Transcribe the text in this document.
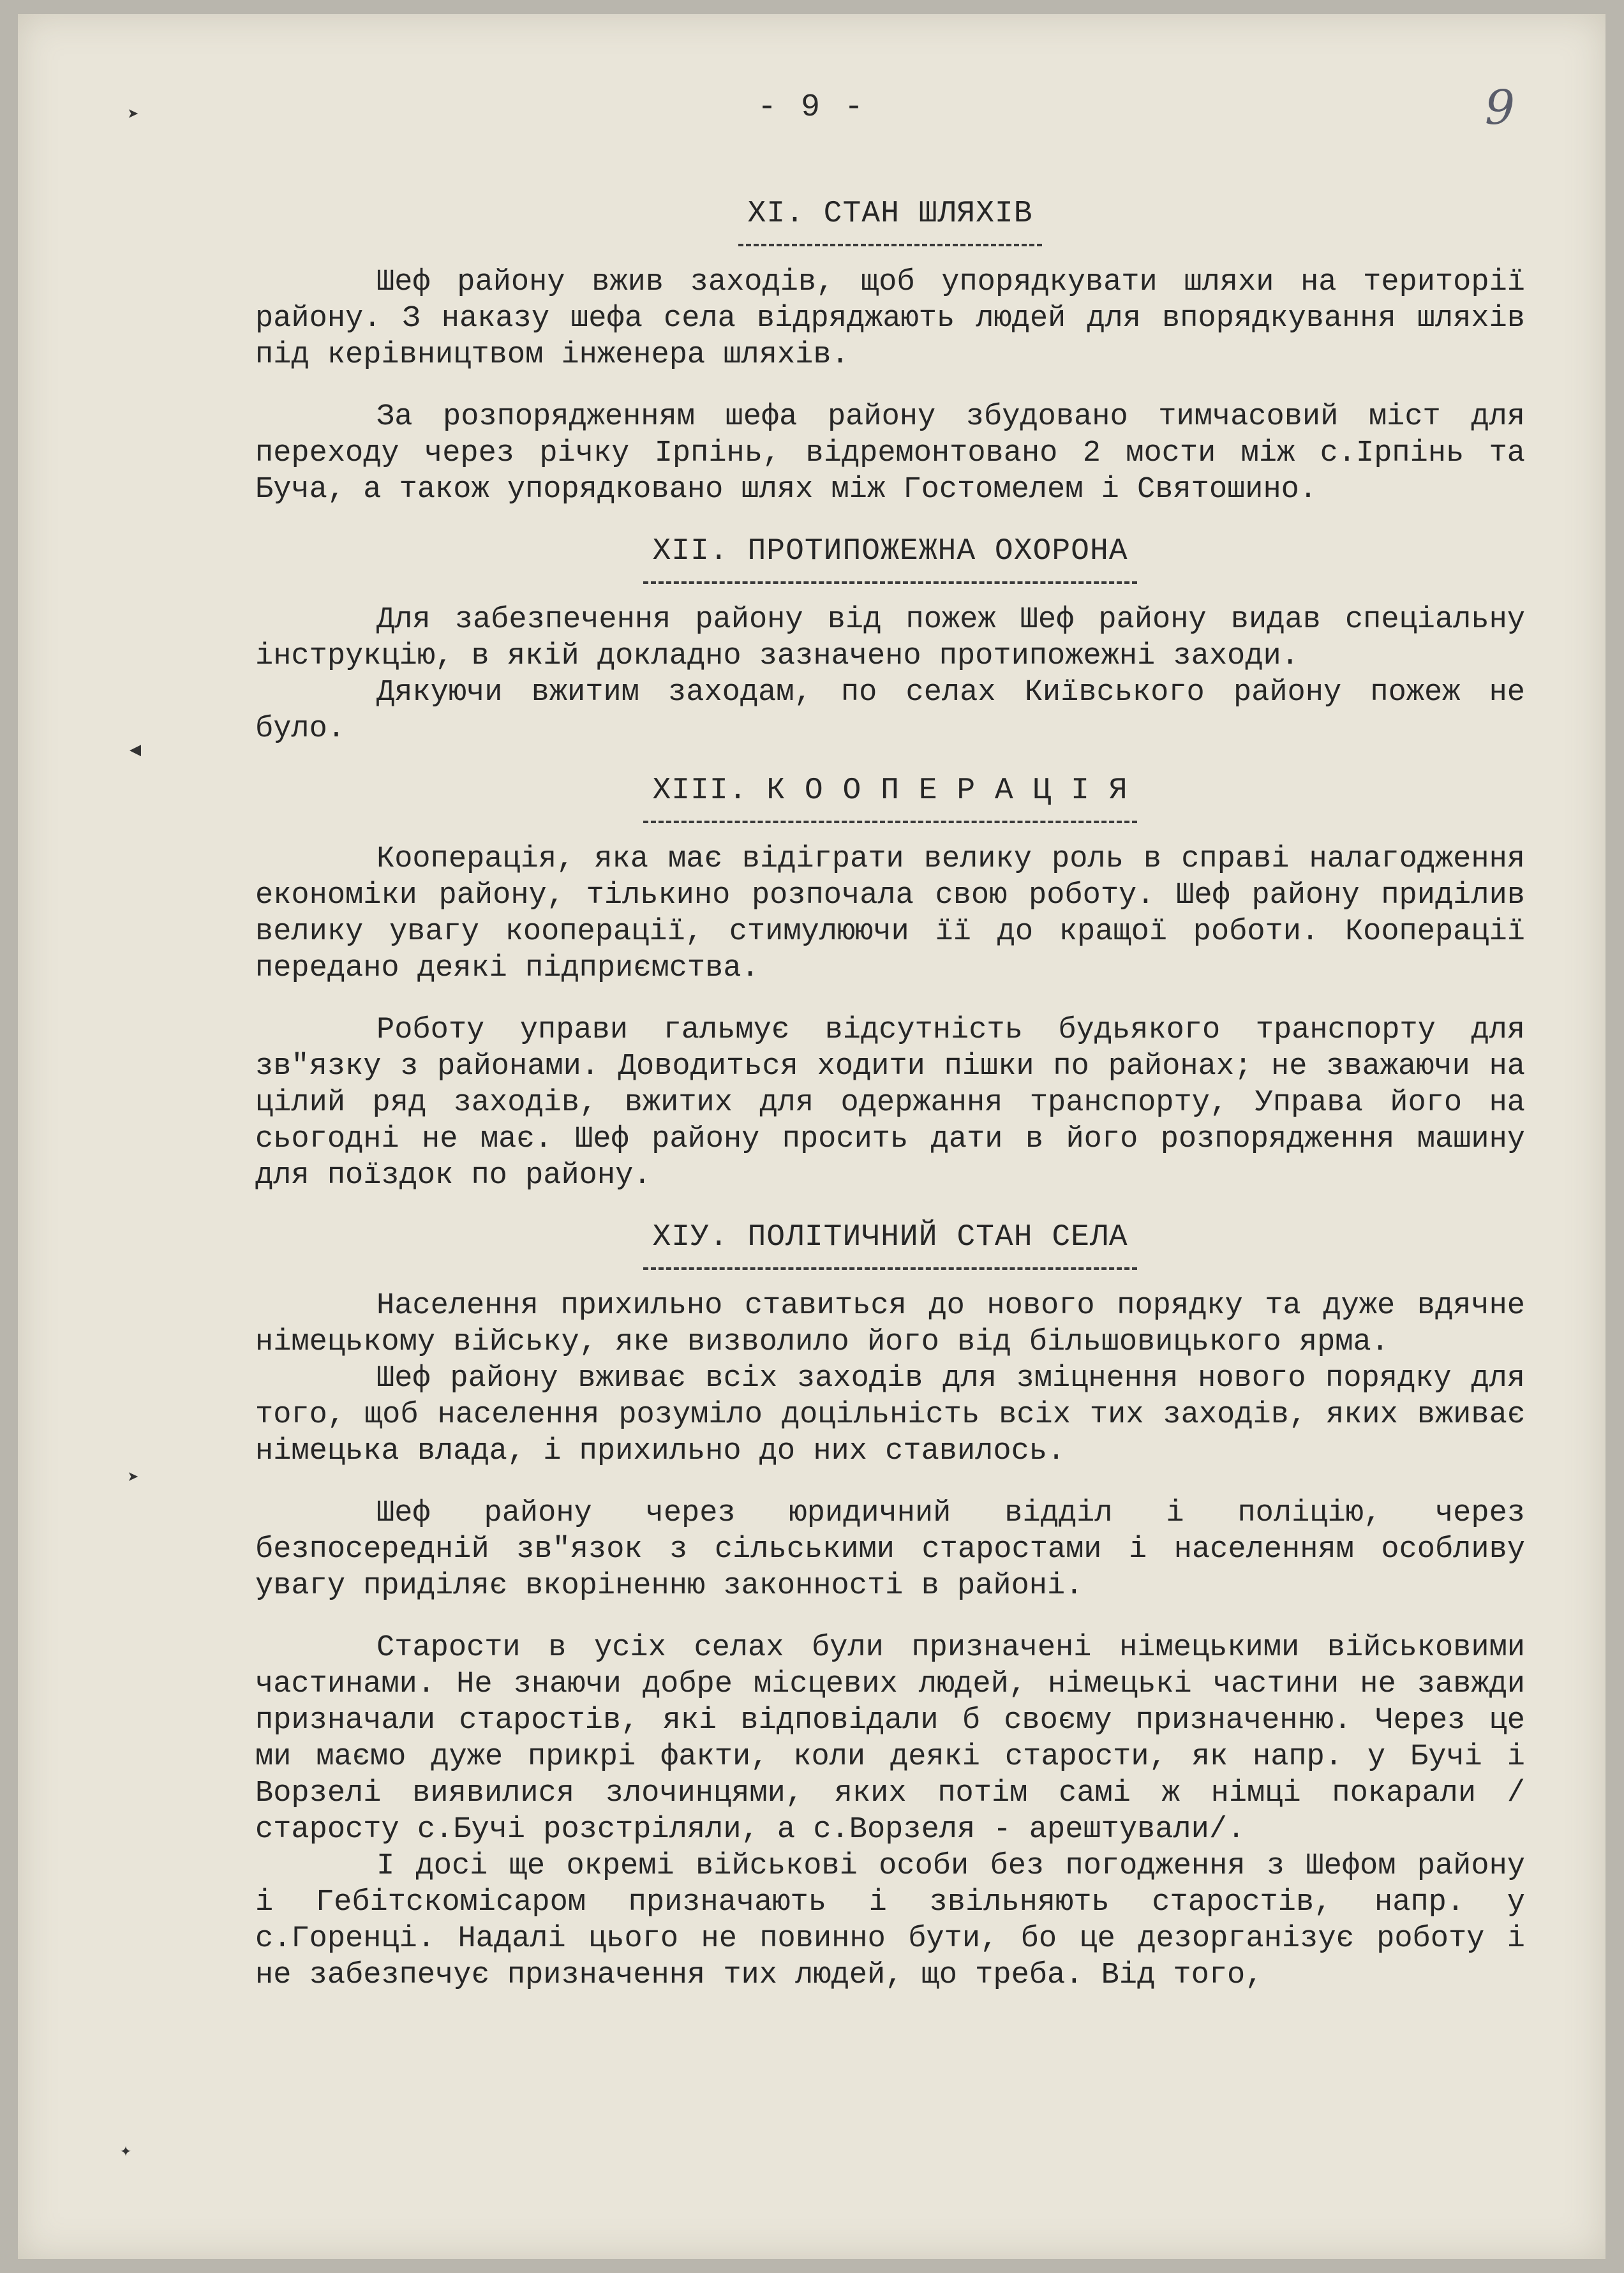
➤
◀
➤
✦
- 9 -	9
ХІ. СТАН ШЛЯХІВ

Шеф району вжив заходів, щоб упорядкувати шляхи на території району. З наказу шефа села відряджають людей для впорядкування шляхів під керівництвом інженера шляхів.

За розпорядженням шефа району збудовано тимчасовий міст для переходу через річку Ірпінь, відремонтовано 2 мости між с.Ірпінь та Буча, а також упорядковано шлях між Гостомелем і Святошино.

ХІІ. ПРОТИПОЖЕЖНА ОХОРОНА

Для забезпечення району від пожеж Шеф району видав спеціальну інструкцію, в якій докладно зазначено протипожежні заходи.

Дякуючи вжитим заходам, по селах Київського району пожеж не було.

ХІІІ. К О О П Е Р А Ц І Я

Кооперація, яка має відіграти велику роль в справі налагодження економіки району, тількино розпочала свою роботу. Шеф району приділив велику увагу кооперації, стимулюючи її до кращої роботи. Кооперації передано деякі підприємства.

Роботу управи гальмує відсутність будьякого транспорту для зв"язку з районами. Доводиться ходити пішки по районах; не зважаючи на цілий ряд заходів, вжитих для одержання транспорту, Управа його на сьогодні не має. Шеф району просить дати в його розпорядження машину для поїздок по району.

ХІУ. ПОЛІТИЧНИЙ СТАН СЕЛА

Населення прихильно ставиться до нового порядку та дуже вдячне німецькому війську, яке визволило його від більшовицького ярма.

Шеф району вживає всіх заходів для зміцнення нового порядку для того, щоб населення розуміло доцільність всіх тих заходів, яких вживає німецька влада, і прихильно до них ставилось.

Шеф району через юридичний відділ і поліцію, через безпосередній зв"язок з сільськими старостами і населенням особливу увагу приділяє вкоріненню законності в районі.

Старости в усіх селах були призначені німецькими військовими частинами. Не знаючи добре місцевих людей, німецькі частини не завжди призначали старостів, які відповідали б своєму призначенню. Через це ми маємо дуже прикрі факти, коли деякі старости, як напр. у Бучі і Ворзелі виявилися злочинцями, яких потім самі ж німці покарали /старосту с.Бучі розстріляли, а с.Ворзеля - арештували/.

І досі ще окремі військові особи без погодження з Шефом району і Гебітскомісаром призначають і звільняють старостів, напр. у с.Горенці. Надалі цього не повинно бути, бо це дезорганізує роботу і не забезпечує призначення тих людей, що треба. Від того,
